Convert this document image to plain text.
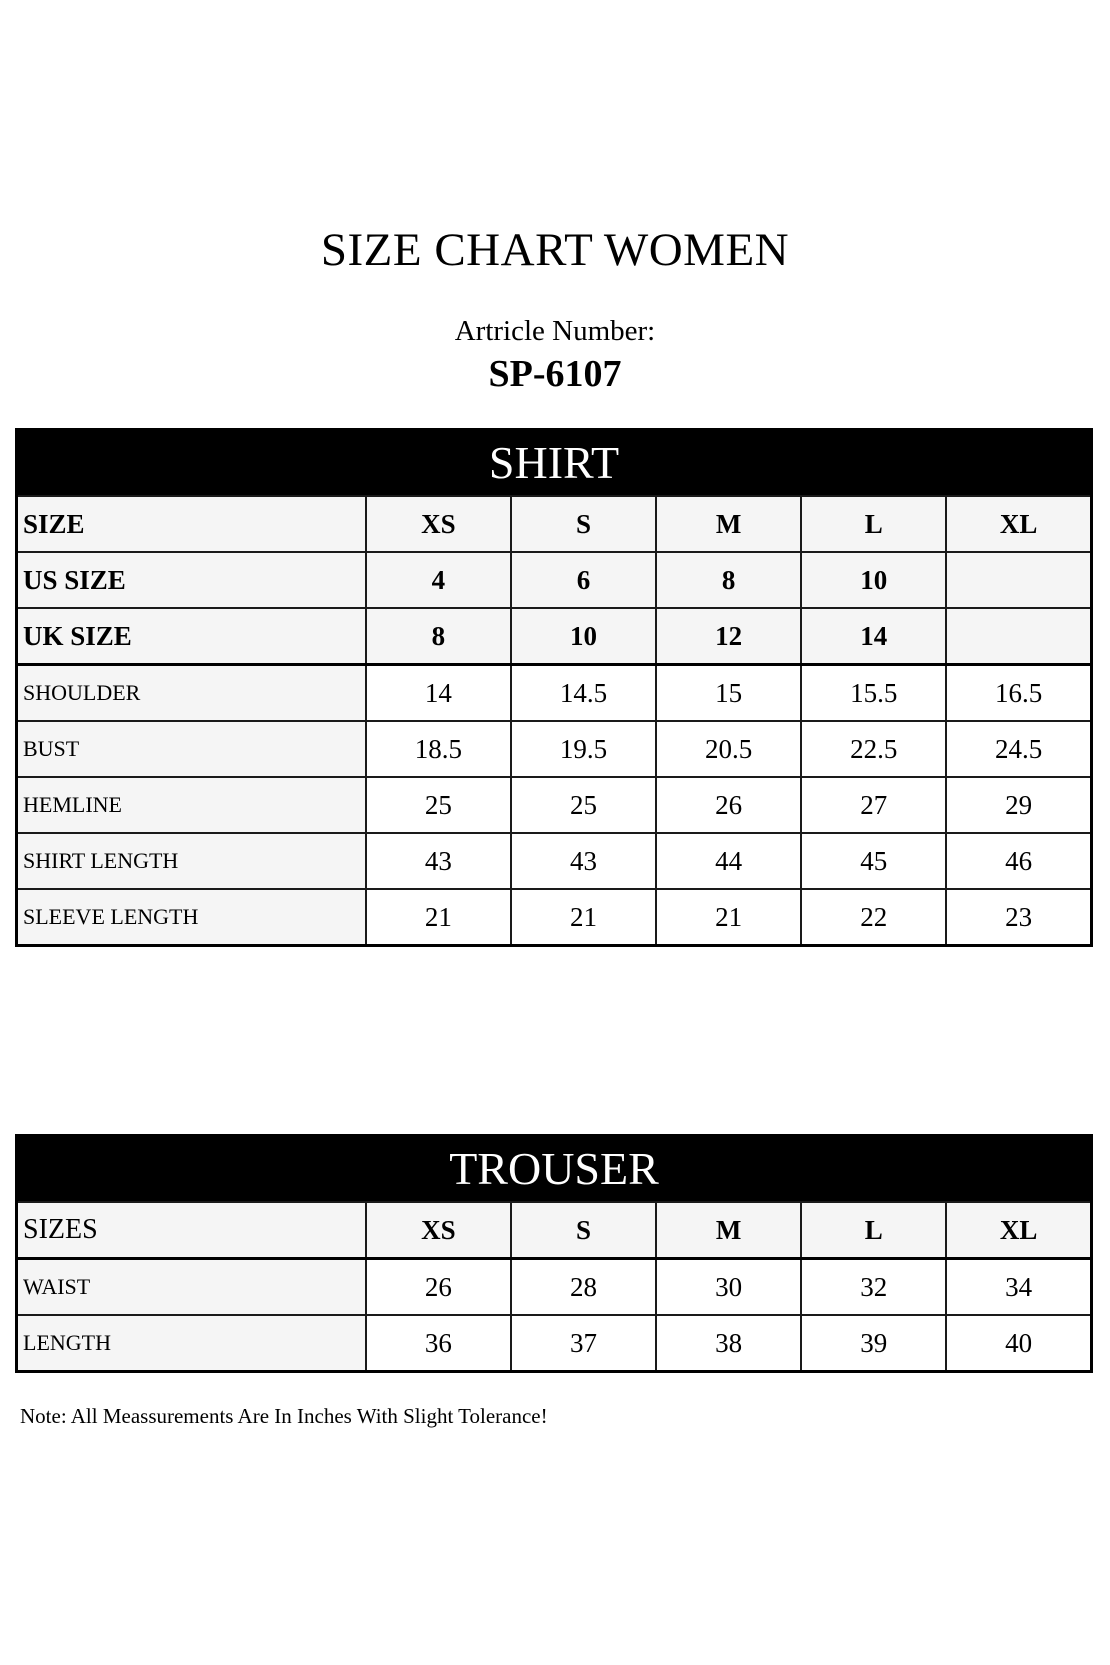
SIZE CHART WOMEN
Artricle Number:
SP-6107
SHIRT					
SIZE	XS	S	M	L	XL
US SIZE	4	6	8	10	
UK SIZE	8	10	12	14	
SHOULDER	14	14.5	15	15.5	16.5
BUST	18.5	19.5	20.5	22.5	24.5
HEMLINE	25	25	26	27	29
SHIRT LENGTH	43	43	44	45	46
SLEEVE LENGTH	21	21	21	22	23
TROUSER					
SIZES	XS	S	M	L	XL
WAIST	26	28	30	32	34
LENGTH	36	37	38	39	40
Note: All Meassurements Are In Inches With Slight Tolerance!
